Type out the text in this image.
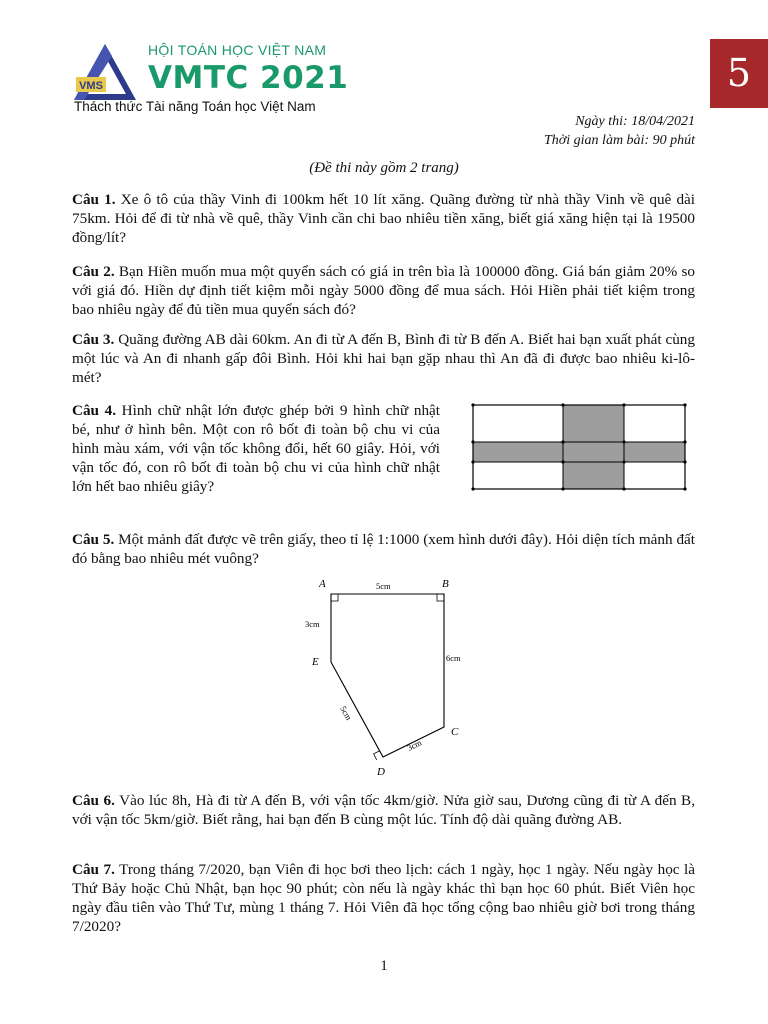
VMS
HỘI TOÁN HỌC VIỆT NAM
VMTC 2021
Thách thức Tài năng Toán học Việt Nam
5
Ngày thi: 18/04/2021
Thời gian làm bài: 90 phút
(Đề thi này gồm 2 trang)
Câu 1. Xe ô tô của thầy Vinh đi 100km hết 10 lít xăng. Quãng đường từ nhà thầy Vinh về quê dài 75km. Hỏi để đi từ nhà về quê, thầy Vinh cần chi bao nhiêu tiền xăng, biết giá xăng hiện tại là 19500 đồng/lít?
Câu 2. Bạn Hiền muốn mua một quyển sách có giá in trên bìa là 100000 đồng. Giá bán giảm 20% so với giá đó. Hiền dự định tiết kiệm mỗi ngày 5000 đồng để mua sách. Hỏi Hiền phải tiết kiệm trong bao nhiêu ngày để đủ tiền mua quyển sách đó?
Câu 3. Quãng đường AB dài 60km. An đi từ A đến B, Bình đi từ B đến A. Biết hai bạn xuất phát cùng một lúc và An đi nhanh gấp đôi Bình. Hỏi khi hai bạn gặp nhau thì An đã đi được bao nhiêu ki-lô-mét?
Câu 4. Hình chữ nhật lớn được ghép bởi 9 hình chữ nhật bé, như ở hình bên. Một con rô bốt đi toàn bộ chu vi của hình màu xám, với vận tốc không đổi, hết 60 giây. Hỏi, với vận tốc đó, con rô bốt đi toàn bộ chu vi của hình chữ nhật lớn hết bao nhiêu giây?
Câu 5. Một mảnh đất được vẽ trên giấy, theo tỉ lệ 1:1000 (xem hình dưới đây). Hỏi diện tích mảnh đất đó bằng bao nhiêu mét vuông?
A	B
C
D
E
5cm
3cm
6cm
5cm
3cm
Câu 6. Vào lúc 8h, Hà đi từ A đến B, với vận tốc 4km/giờ. Nửa giờ sau, Dương cũng đi từ A đến B, với vận tốc 5km/giờ. Biết rằng, hai bạn đến B cùng một lúc. Tính độ dài quãng đường AB.
Câu 7. Trong tháng 7/2020, bạn Viên đi học bơi theo lịch: cách 1 ngày, học 1 ngày. Nếu ngày học là Thứ Bảy hoặc Chủ Nhật, bạn học 90 phút; còn nếu là ngày khác thì bạn học 60 phút. Biết Viên học ngày đầu tiên vào Thứ Tư, mùng 1 tháng 7. Hỏi Viên đã học tổng cộng bao nhiêu giờ bơi trong tháng 7/2020?
1
